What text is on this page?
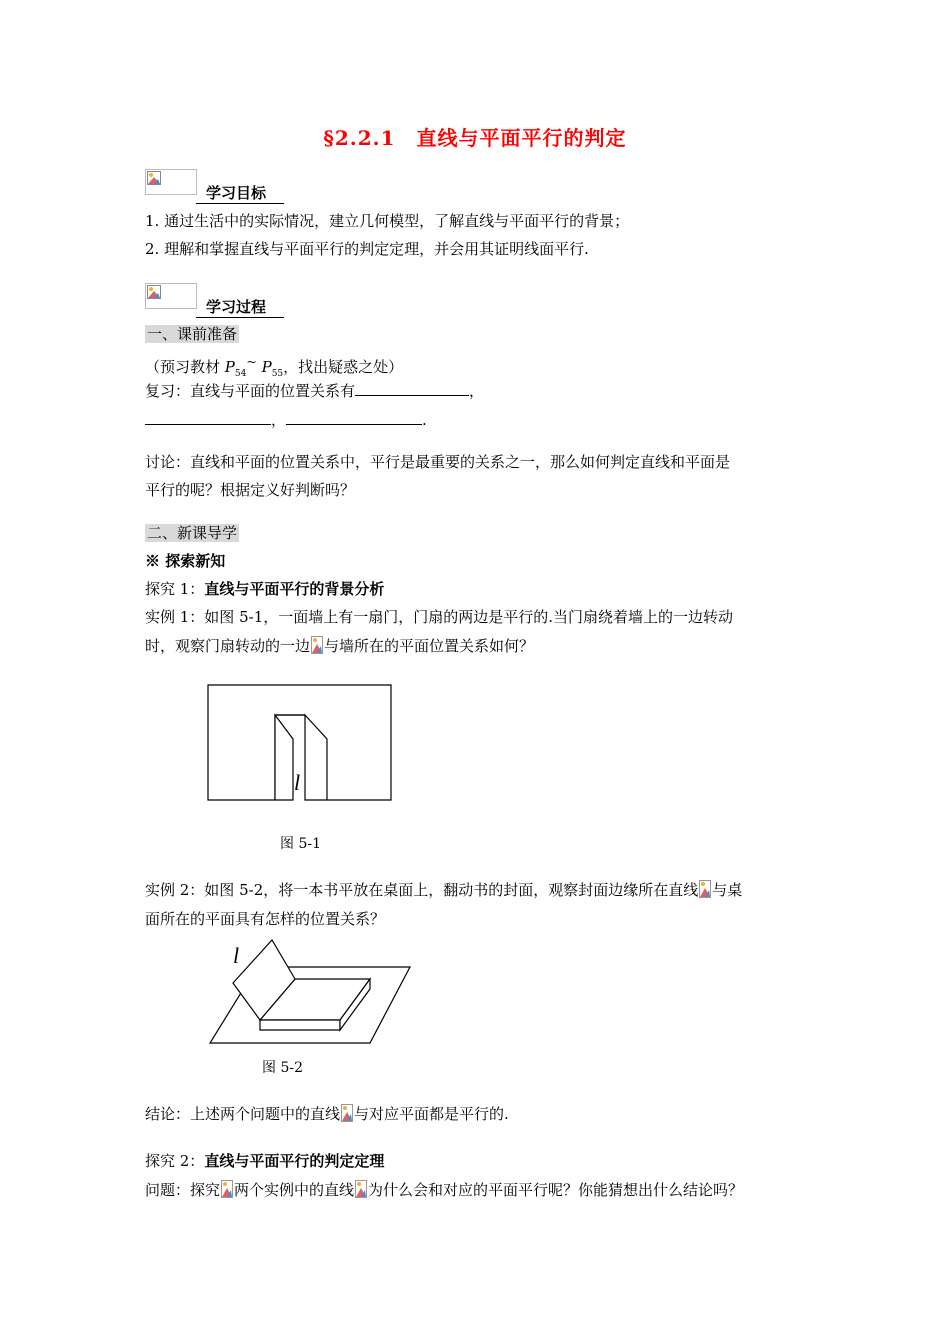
§2.2.1　直线与平面平行的判定
学习目标
1. 通过生活中的实际情况，建立几何模型，了解直线与平面平行的背景；
2. 理解和掌握直线与平面平行的判定定理，并会用其证明线面平行.
学习过程
一、课前准备
（预习教材 $P_{54}^\sim$ $P_{55}$，找出疑惑之处）
复习：直线与平面的位置关系有	，
，	.
讨论：直线和平面的位置关系中，平行是最重要的关系之一，那么如何判定直线和平面是
平行的呢？根据定义好判断吗？
二、新课导学
※ 探索新知
探究 1：直线与平面平行的背景分析
实例 1：如图 5-1，一面墙上有一扇门，门扇的两边是平行的.当门扇绕着墙上的一边转动
时，观察门扇转动的一边 与墙所在的平面位置关系如何？
l
图 5-1
实例 2：如图 5-2，将一本书平放在桌面上，翻动书的封面，观察封面边缘所在直线 与桌
面所在的平面具有怎样的位置关系？
l
图 5-2
结论：上述两个问题中的直线 与对应平面都是平行的.
探究 2：直线与平面平行的判定定理
问题：探究 两个实例中的直线 为什么会和对应的平面平行呢？你能猜想出什么结论吗？
